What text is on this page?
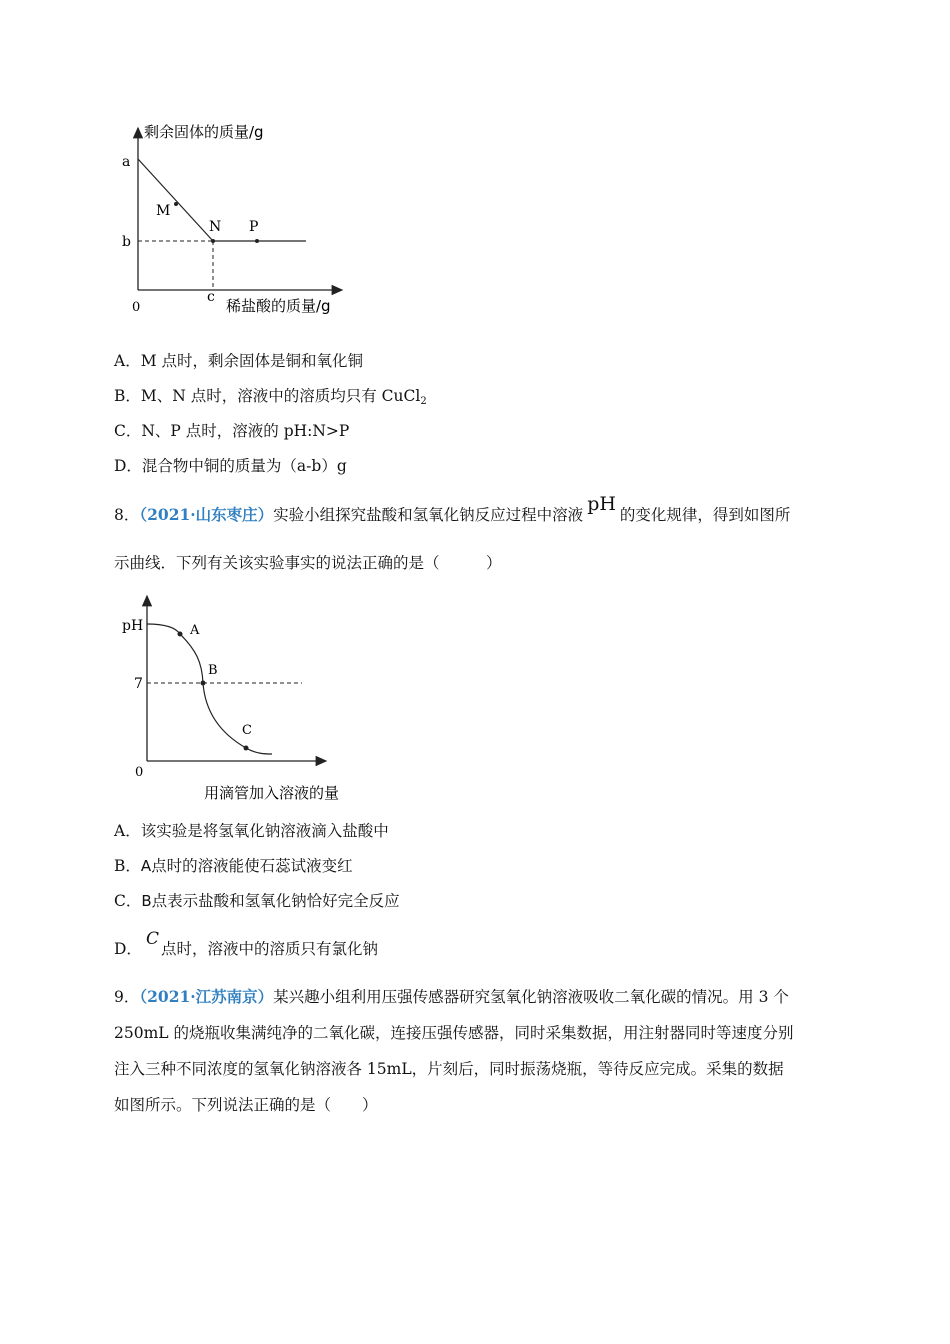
剩余固体的质量/g
稀盐酸的质量/g
0
a
b
c
M
N P
A．M 点时，剩余固体是铜和氧化铜
B．M、N 点时，溶液中的溶质均只有 CuCl$_2$
C．N、P 点时，溶液的 pH:N>P
D．混合物中铜的质量为（a-b）g
8．（2021·山东枣庄）实验小组探究盐酸和氢氧化钠反应过程中溶液 pH 的变化规律，得到如图所
示曲线．下列有关该实验事实的说法正确的是（　　　）
pH
0
7
A
B
C
用滴管加入溶液的量
A．该实验是将氢氧化钠溶液滴入盐酸中
B．A点时的溶液能使石蕊试液变红
C．B点表示盐酸和氢氧化钠恰好完全反应
D． C 点时，溶液中的溶质只有氯化钠
9．（2021·江苏南京）某兴趣小组利用压强传感器研究氢氧化钠溶液吸收二氧化碳的情况。用 3 个
250mL 的烧瓶收集满纯净的二氧化碳，连接压强传感器，同时采集数据，用注射器同时等速度分别
注入三种不同浓度的氢氧化钠溶液各 15mL，片刻后，同时振荡烧瓶，等待反应完成。采集的数据
如图所示。下列说法正确的是（　　）
